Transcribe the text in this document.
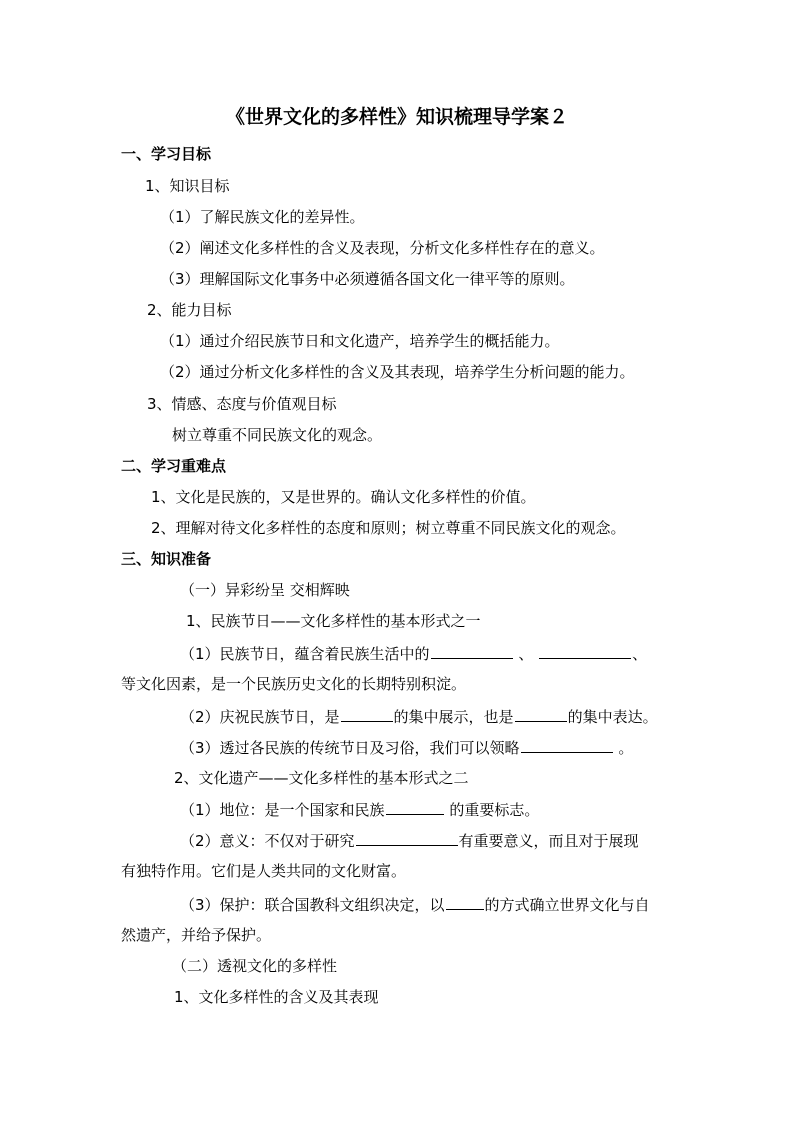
《世界文化的多样性》知识梳理导学案２
一、学习目标
1、知识目标
（1）了解民族文化的差异性。
（2）阐述文化多样性的含义及表现，分析文化多样性存在的意义。
（3）理解国际文化事务中必须遵循各国文化一律平等的原则。
2、能力目标
（1）通过介绍民族节日和文化遗产，培养学生的概括能力。
（2）通过分析文化多样性的含义及其表现，培养学生分析问题的能力。
3、情感、态度与价值观目标
树立尊重不同民族文化的观念。
二、学习重难点
1、文化是民族的，又是世界的。确认文化多样性的价值。
2、理解对待文化多样性的态度和原则；树立尊重不同民族文化的观念。
三、知识准备
（一）异彩纷呈 交相辉映
1、民族节日——文化多样性的基本形式之一
（1）民族节日，蕴含着民族生活中的	、	、
等文化因素，是一个民族历史文化的长期特别积淀。
（2）庆祝民族节日，是	的集中展示，也是	的集中表达。
（3）透过各民族的传统节日及习俗，我们可以领略	。
2、文化遗产——文化多样性的基本形式之二
（1）地位：是一个国家和民族	的重要标志。
（2）意义：不仅对于研究	有重要意义，而且对于展现
有独特作用。它们是人类共同的文化财富。
（3）保护：联合国教科文组织决定，以	的方式确立世界文化与自
然遗产，并给予保护。
（二）透视文化的多样性
1、文化多样性的含义及其表现
